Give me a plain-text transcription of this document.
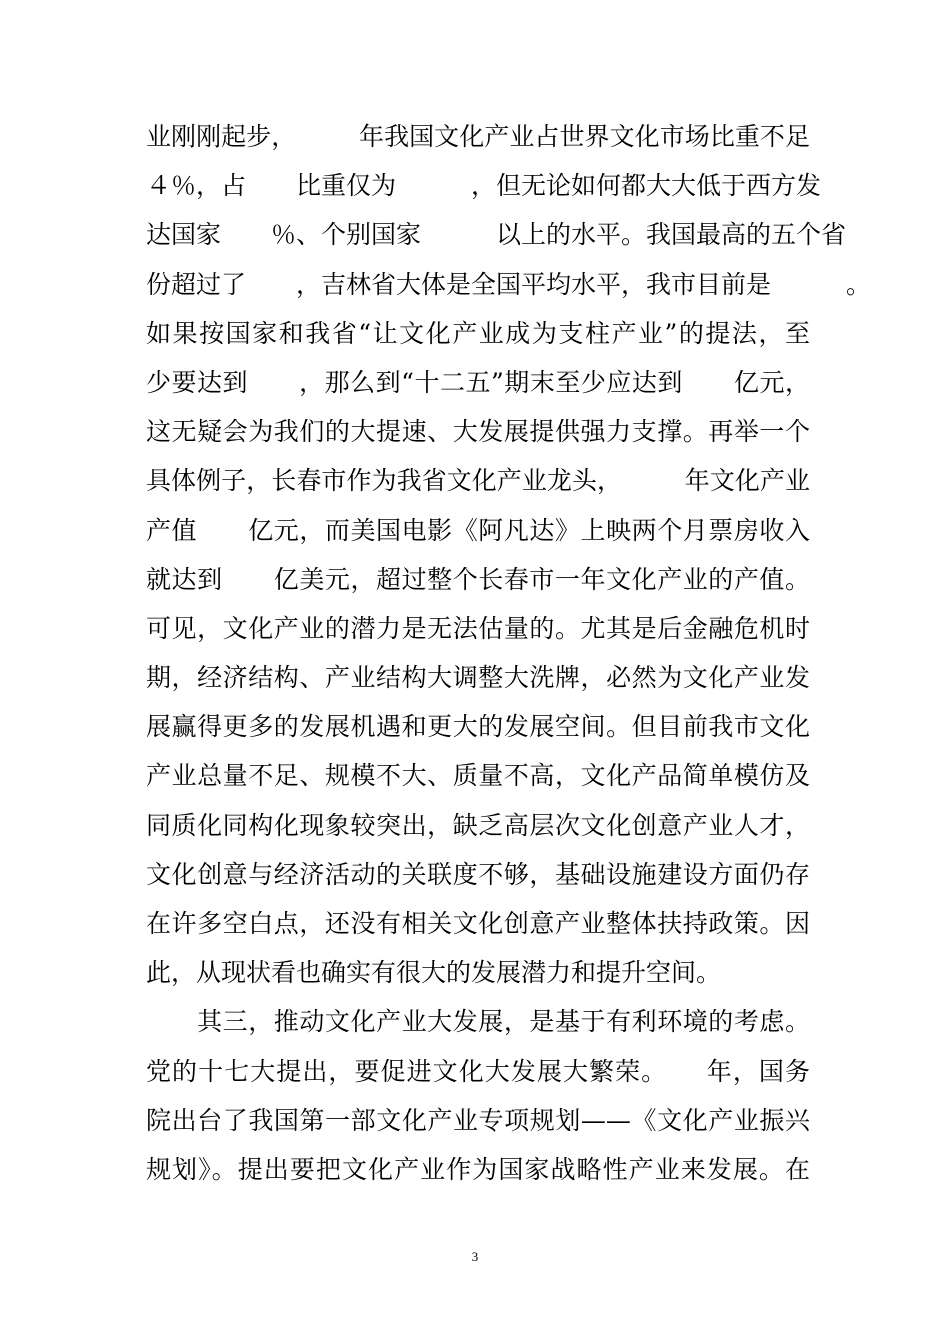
业刚刚起步，　　　年我国文化产业占世界文化市场比重不足
４％，占　　比重仅为　　　，但无论如何都大大低于西方发
达国家　　％、个别国家　　　以上的水平。我国最高的五个省
份超过了　　，吉林省大体是全国平均水平，我市目前是　　　。
如果按国家和我省“让文化产业成为支柱产业”的提法，至
少要达到　　，那么到“十二五”期末至少应达到　　亿元，
这无疑会为我们的大提速、大发展提供强力支撑。再举一个
具体例子，长春市作为我省文化产业龙头，　　　年文化产业
产值　　亿元，而美国电影《阿凡达》上映两个月票房收入
就达到　　亿美元，超过整个长春市一年文化产业的产值。
可见，文化产业的潜力是无法估量的。尤其是后金融危机时
期，经济结构、产业结构大调整大洗牌，必然为文化产业发
展赢得更多的发展机遇和更大的发展空间。但目前我市文化
产业总量不足、规模不大、质量不高，文化产品简单模仿及
同质化同构化现象较突出，缺乏高层次文化创意产业人才，
文化创意与经济活动的关联度不够，基础设施建设方面仍存
在许多空白点，还没有相关文化创意产业整体扶持政策。因
此，从现状看也确实有很大的发展潜力和提升空间。
　　其三，推动文化产业大发展，是基于有利环境的考虑。
党的十七大提出，要促进文化大发展大繁荣。　　年，国务
院出台了我国第一部文化产业专项规划——《文化产业振兴
规划》。提出要把文化产业作为国家战略性产业来发展。在
3
